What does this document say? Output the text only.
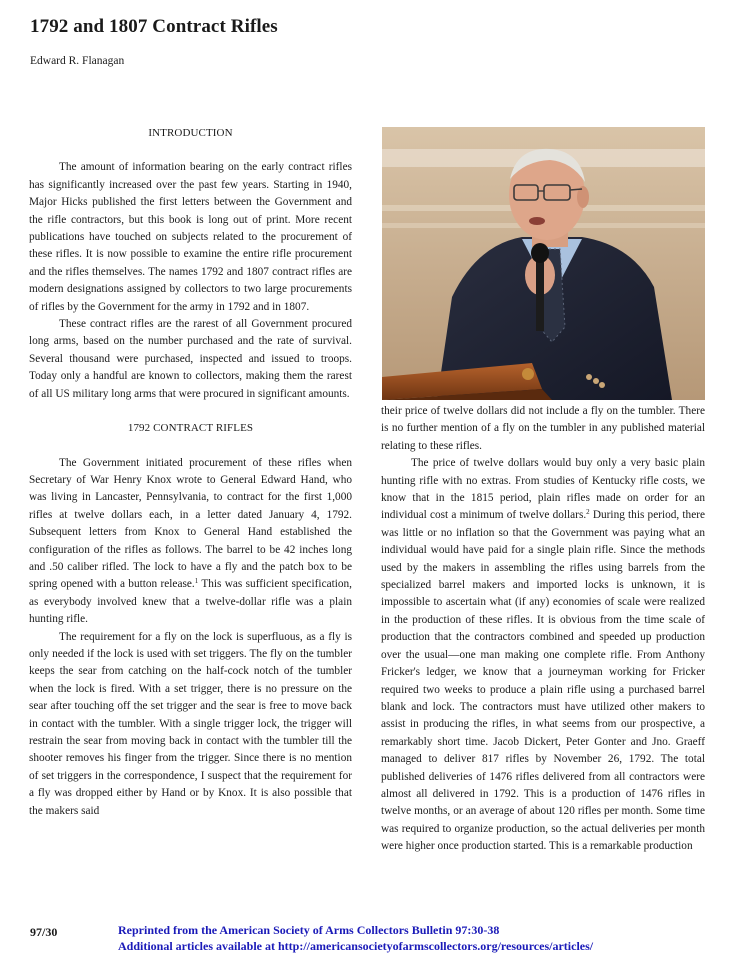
1792 and 1807 Contract Rifles
Edward R. Flanagan
INTRODUCTION

The amount of information bearing on the early contract rifles has significantly increased over the past few years. Starting in 1940, Major Hicks published the first letters between the Government and the rifle contractors, but this book is long out of print. More recent publications have touched on subjects related to the procurement of these rifles. It is now possible to examine the entire rifle procurement and the rifles themselves. The names 1792 and 1807 contract rifles are modern designations assigned by collectors to two large procurements of rifles by the Government for the army in 1792 and in 1807.

These contract rifles are the rarest of all Government procured long arms, based on the number purchased and the rate of survival. Several thousand were purchased, inspected and issued to troops. Today only a handful are known to collectors, making them the rarest of all US military long arms that were procured in significant amounts.

1792 CONTRACT RIFLES

The Government initiated procurement of these rifles when Secretary of War Henry Knox wrote to General Edward Hand, who was living in Lancaster, Pennsylvania, to contract for the first 1,000 rifles at twelve dollars each, in a letter dated January 4, 1792. Subsequent letters from Knox to General Hand established the configuration of the rifles as follows. The barrel to be 42 inches long and .50 caliber rifled. The lock to have a fly and the patch box to be spring opened with a button release.$^1$ This was sufficient specification, as everybody involved knew that a twelve-dollar rifle was a plain hunting rifle.

The requirement for a fly on the lock is superfluous, as a fly is only needed if the lock is used with set triggers. The fly on the tumbler keeps the sear from catching on the half-cock notch of the tumbler when the lock is fired. With a set trigger, there is no pressure on the sear after touching off the set trigger and the sear is free to move back in contact with the tumbler. With a single trigger lock, the trigger will restrain the sear from moving back in contact with the tumbler till the shooter removes his finger from the trigger. Since there is no mention of set triggers in the correspondence, I suspect that the requirement for a fly was dropped either by Hand or by Knox. It is also possible that the makers said

their price of twelve dollars did not include a fly on the tumbler. There is no further mention of a fly on the tumbler in any published material relating to these rifles.

The price of twelve dollars would buy only a very basic plain hunting rifle with no extras. From studies of Kentucky rifle costs, we know that in the 1815 period, plain rifles made on order for an individual cost a minimum of twelve dollars.$^2$ During this period, there was little or no inflation so that the Government was paying what an individual would have paid for a single plain rifle. Since the methods used by the makers in assembling the rifles using barrels from the specialized barrel makers and imported locks is unknown, it is impossible to ascertain what (if any) economies of scale were realized in the production of these rifles. It is obvious from the time scale of production that the contractors combined and speeded up production over the usual—one man making one complete rifle. From Anthony Fricker's ledger, we know that a journeyman working for Fricker required two weeks to produce a plain rifle using a purchased barrel blank and lock. The contractors must have utilized other makers to assist in producing the rifles, in what seems from our prospective, a remarkably short time. Jacob Dickert, Peter Gonter and Jno. Graeff managed to deliver 817 rifles by November 26, 1792. The total published deliveries of 1476 rifles delivered from all contractors were almost all delivered in 1792. This is a production of 1476 rifles in twelve months, or an average of about 120 rifles per month. Some time was required to organize production, so the actual deliveries per month were higher once production started. This is a remarkable production

97/30	Reprinted from the American Society of Arms Collectors Bulletin 97:30-38
Additional articles available at http://americansocietyofarmscollectors.org/resources/articles/
